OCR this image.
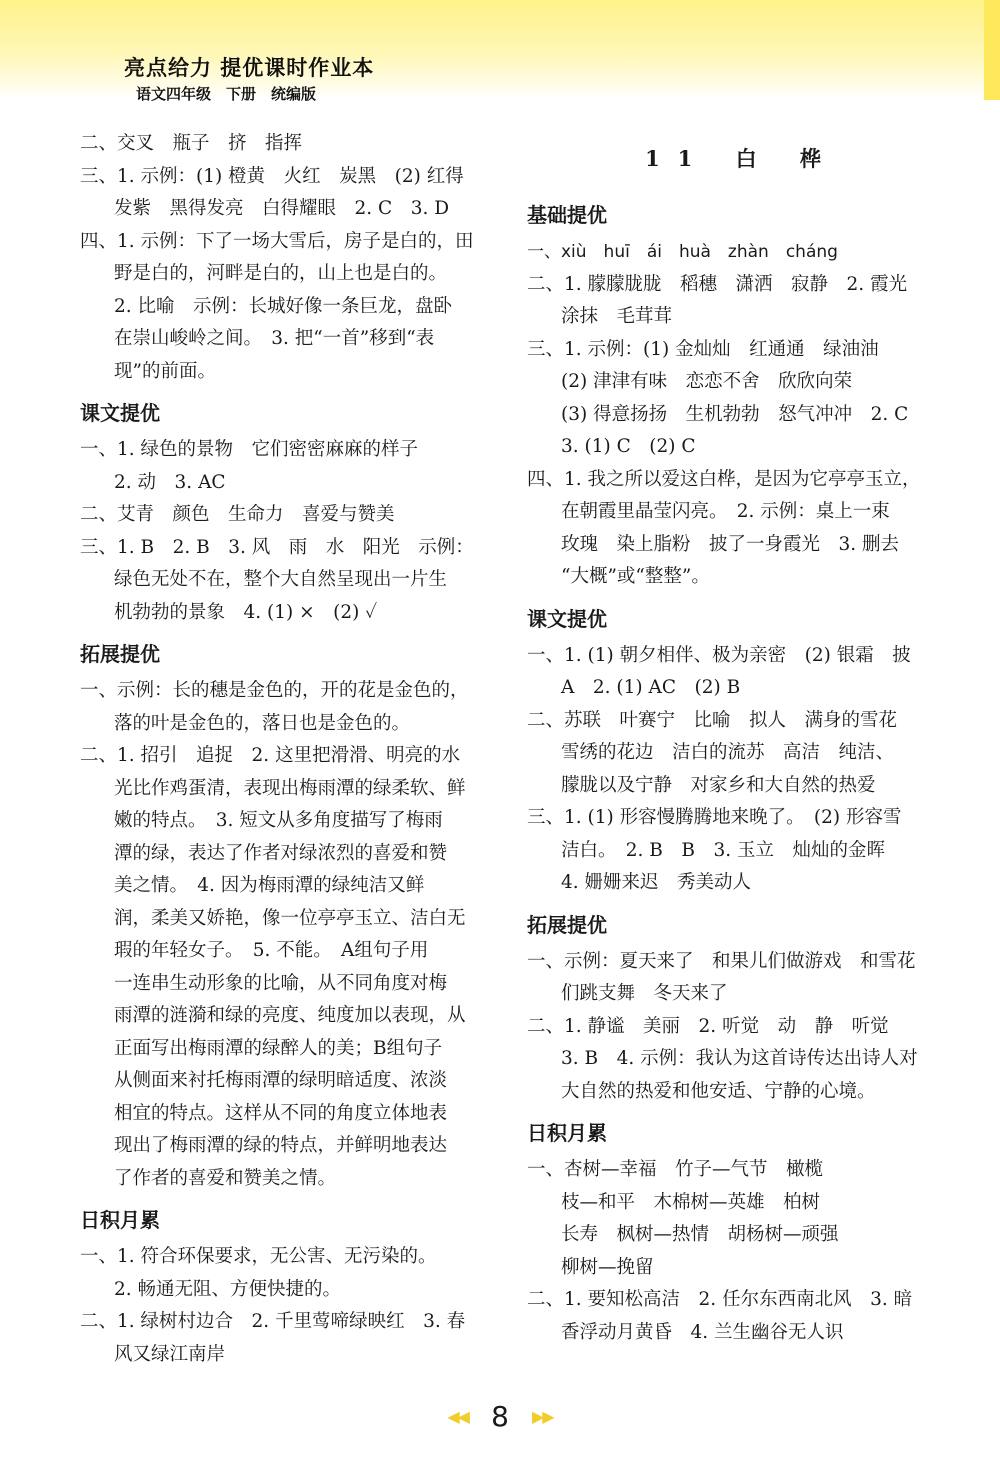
亮点给力 提优课时作业本
语文四年级　下册　统编版
二、交叉　瓶子　挤　指挥
三、1. 示例：(1) 橙黄　火红　炭黑　(2) 红得
发紫　黑得发亮　白得耀眼　2. C　3. D
四、1. 示例：下了一场大雪后，房子是白的，田
野是白的，河畔是白的，山上也是白的。
2. 比喻　示例：长城好像一条巨龙，盘卧
在崇山峻岭之间。　3. 把“一首”移到“表
现”的前面。
课文提优
一、1. 绿色的景物　它们密密麻麻的样子
2. 动　3. AC
二、艾青　颜色　生命力　喜爱与赞美
三、1. B　2. B　3. 风　雨　水　阳光　示例：
绿色无处不在，整个大自然呈现出一片生
机勃勃的景象　4. (1) ×　(2) ✓
拓展提优
一、示例：长的穗是金色的，开的花是金色的，
落的叶是金色的，落日也是金色的。
二、1. 招引　追捉　2. 这里把滑滑、明亮的水
光比作鸡蛋清，表现出梅雨潭的绿柔软、鲜
嫩的特点。　3. 短文从多角度描写了梅雨
潭的绿，表达了作者对绿浓烈的喜爱和赞
美之情。　4. 因为梅雨潭的绿纯洁又鲜
润，柔美又娇艳，像一位亭亭玉立、洁白无
瑕的年轻女子。　5. 不能。　A组句子用
一连串生动形象的比喻，从不同角度对梅
雨潭的涟漪和绿的亮度、纯度加以表现，从
正面写出梅雨潭的绿醉人的美；B组句子
从侧面来衬托梅雨潭的绿明暗适度、浓淡
相宜的特点。这样从不同的角度立体地表
现出了梅雨潭的绿的特点，并鲜明地表达
了作者的喜爱和赞美之情。
日积月累
一、1. 符合环保要求，无公害、无污染的。
2. 畅通无阻、方便快捷的。
二、1. 绿树村边合　2. 千里莺啼绿映红　3. 春
风又绿江南岸
11 白 桦
基础提优
一、xiù　huī　ái　huà　zhàn　cháng
二、1. 朦朦胧胧　稻穗　潇洒　寂静　2. 霞光
涂抹　毛茸茸
三、1. 示例：(1) 金灿灿　红通通　绿油油
(2) 津津有味　恋恋不舍　欣欣向荣
(3) 得意扬扬　生机勃勃　怒气冲冲　2. C
3. (1) C　(2) C
四、1. 我之所以爱这白桦，是因为它亭亭玉立，
在朝霞里晶莹闪亮。　2. 示例：桌上一束
玫瑰　染上脂粉　披了一身霞光　3. 删去
“大概”或“整整”。
课文提优
一、1. (1) 朝夕相伴、极为亲密　(2) 银霜　披
A　2. (1) AC　(2) B
二、苏联　叶赛宁　比喻　拟人　满身的雪花
雪绣的花边　洁白的流苏　高洁　纯洁、
朦胧以及宁静　对家乡和大自然的热爱
三、1. (1) 形容慢腾腾地来晚了。　(2) 形容雪
洁白。　2. B　B　3. 玉立　灿灿的金晖
4. 姗姗来迟　秀美动人
拓展提优
一、示例：夏天来了　和果儿们做游戏　和雪花
们跳支舞　冬天来了
二、1. 静谧　美丽　2. 听觉　动　静　听觉
3. B　4. 示例：我认为这首诗传达出诗人对
大自然的热爱和他安适、宁静的心境。
日积月累
一、杏树—幸福　竹子—气节　橄榄
枝—和平　木棉树—英雄　柏树
长寿　枫树—热情　胡杨树—顽强
柳树—挽留
二、1. 要知松高洁　2. 任尔东西南北风　3. 暗
香浮动月黄昏　4. 兰生幽谷无人识
◀◀ 8 ▶▶
